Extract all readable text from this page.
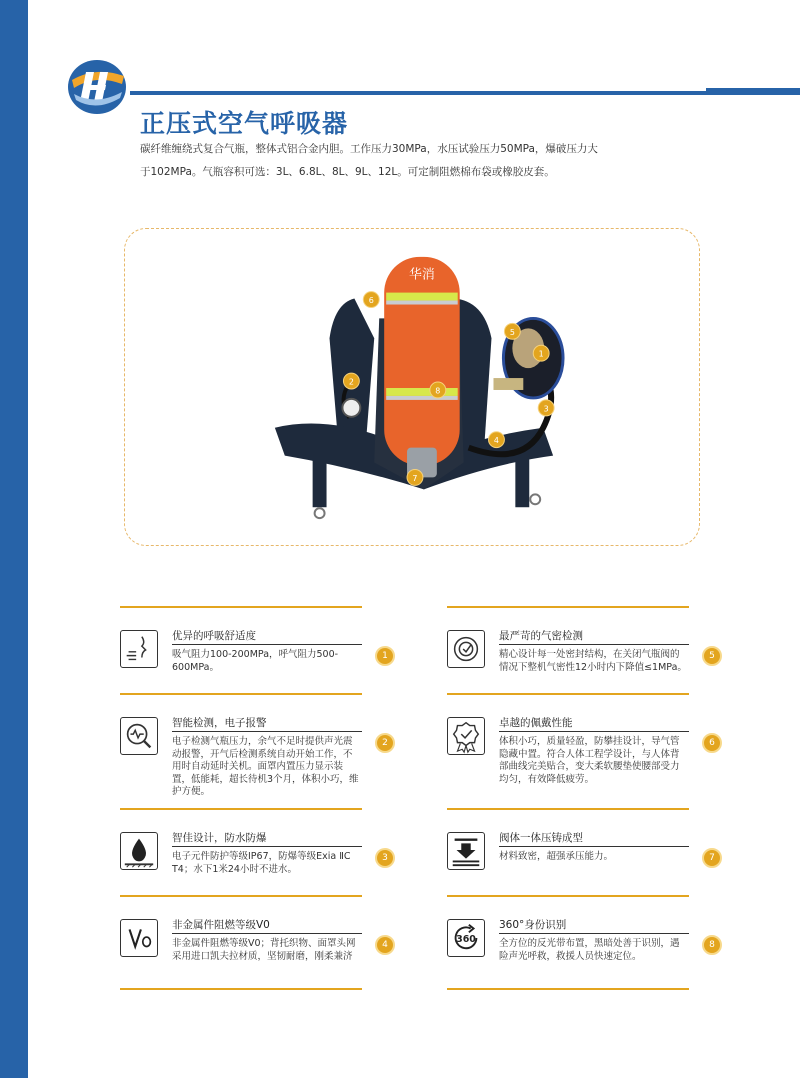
正压式空气呼吸器

碳纤维缠绕式复合气瓶，整体式铝合金内胆。工作压力30MPa，水压试验压力50MPa，爆破压力大

于102MPa。气瓶容积可选：3L、6.8L、8L、9L、12L。可定制阻燃棉布袋或橡胶皮套。

华消
1
2
3
4
5
6
7
8
优异的呼吸舒适度
吸气阻力100-200MPa，呼气阻力500-600MPa。
1
智能检测，电子报警
电子检测气瓶压力，余气不足时提供声光震动报警，开气后检测系统自动开始工作，不用时自动延时关机。面罩内置压力显示装置，低能耗，超长待机3个月，体积小巧，维护方便。
2
智佳设计，防水防爆
电子元件防护等级IP67，防爆等级Exia ⅡC T4；水下1米24小时不进水。
3
非金属件阻燃等级V0
非金属件阻燃等级V0；背托织物、面罩头网采用进口凯夫拉材质，坚韧耐磨，刚柔兼济
4
最严苛的气密检测
精心设计每一处密封结构，在关闭气瓶阀的情况下整机气密性12小时内下降值≤1MPa。
5
卓越的佩戴性能
体积小巧，质量轻盈，防攀挂设计，导气管隐藏中置。符合人体工程学设计，与人体背部曲线完美贴合，变大柔软腰垫使腰部受力均匀，有效降低疲劳。
6
阀体一体压铸成型
材料致密，超强承压能力。	7
360
360°身份识别
全方位的反光带布置，黑暗处善于识别，遇险声光呼救，救援人员快速定位。
8
